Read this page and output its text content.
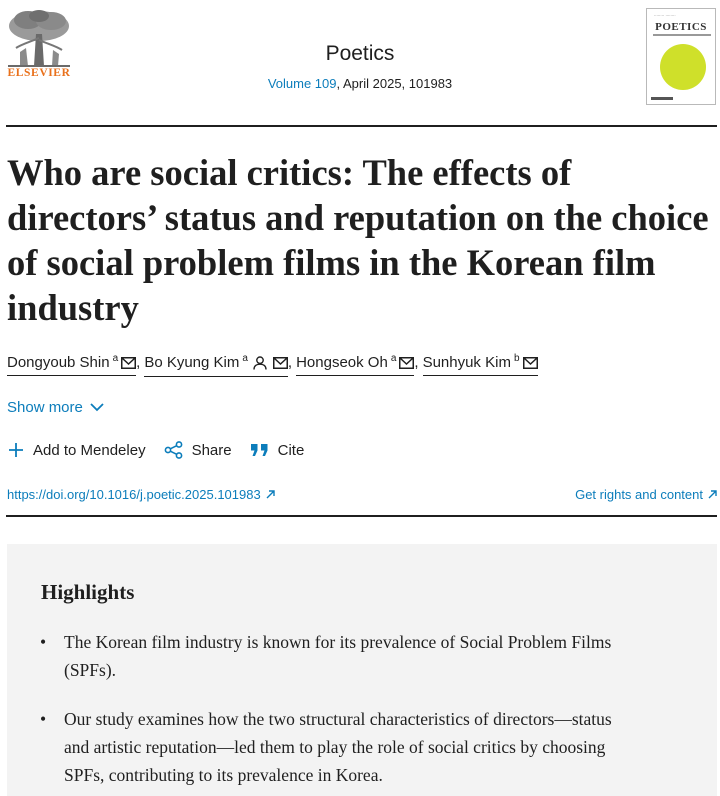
ELSEVIER
Poetics
Volume 109, April 2025, 101983
········ ········
POETICS
Who are social critics: The effects of directors’ status and reputation on the choice of social problem films in the Korean film industry
Dongyoub Shin $^a$ , Bo Kyung Kim $^a$	, Hongseok Oh $^a$ , Sunhyuk Kim $^b$
Show more
Add to Mendeley	Share	Cite
https://doi.org/10.1016/j.poetic.2025.101983	Get rights and content
Highlights
•	The Korean film industry is known for its prevalence of Social Problem Films (SPFs).
•	Our study examines how the two structural characteristics of directors—status and artistic reputation—led them to play the role of social critics by choosing SPFs, contributing to its prevalence in Korea.
